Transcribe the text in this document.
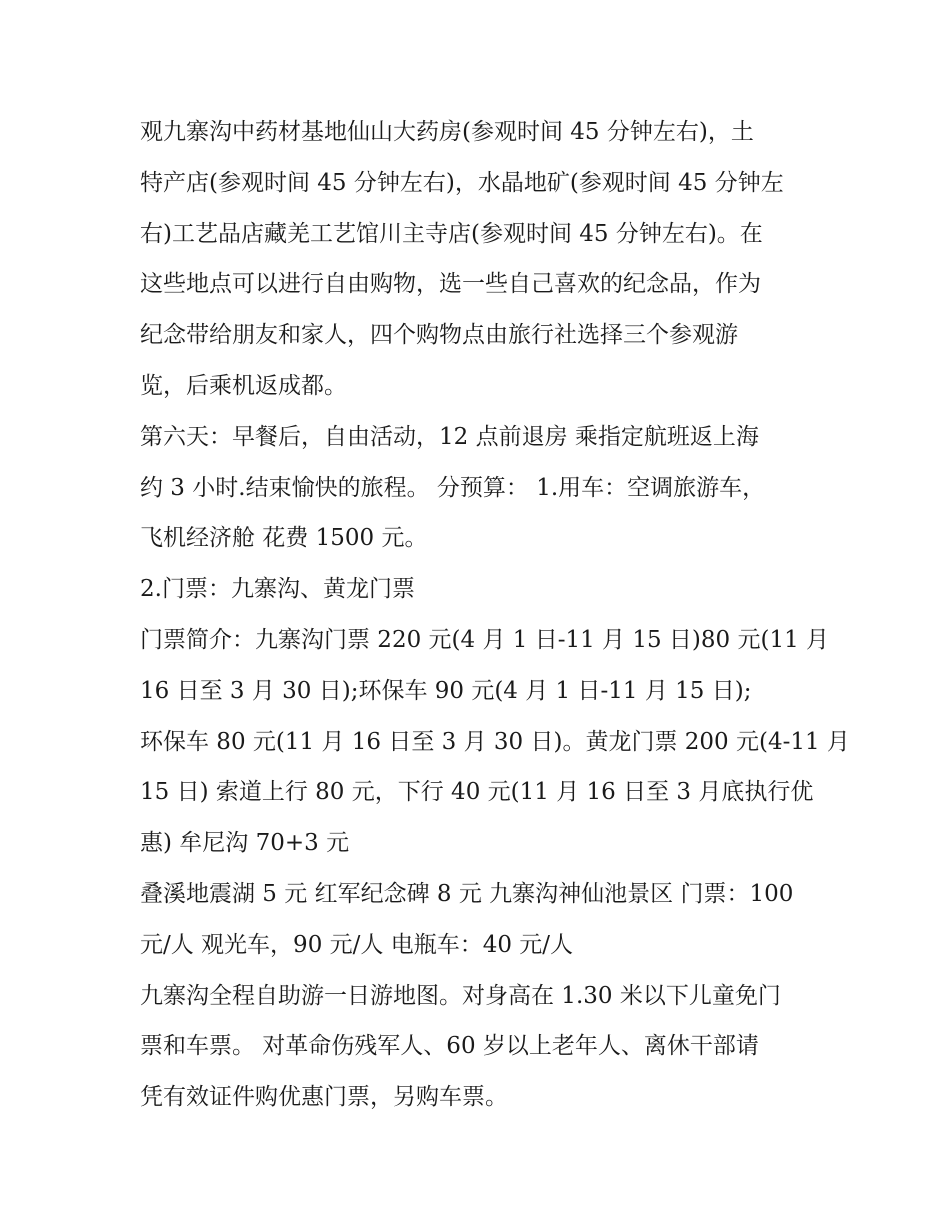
观九寨沟中药材基地仙山大药房(参观时间 45 分钟左右)，土
特产店(参观时间 45 分钟左右)，水晶地矿(参观时间 45 分钟左
右)工艺品店藏羌工艺馆川主寺店(参观时间 45 分钟左右)。在
这些地点可以进行自由购物，选一些自己喜欢的纪念品，作为
纪念带给朋友和家人，四个购物点由旅行社选择三个参观游
览，后乘机返成都。
第六天：早餐后，自由活动，12 点前退房 乘指定航班返上海
约 3 小时.结束愉快的旅程。 分预算： 1.用车：空调旅游车，
飞机经济舱 花费 1500 元。
2.门票：九寨沟、黄龙门票
门票简介：九寨沟门票 220 元(4 月 1 日-11 月 15 日)80 元(11 月
16 日至 3 月 30 日);环保车 90 元(4 月 1 日-11 月 15 日);
环保车 80 元(11 月 16 日至 3 月 30 日)。黄龙门票 200 元(4-11 月
15 日) 索道上行 80 元，下行 40 元(11 月 16 日至 3 月底执行优
惠) 牟尼沟 70+3 元
叠溪地震湖 5 元 红军纪念碑 8 元 九寨沟神仙池景区 门票：100
元/人 观光车，90 元/人 电瓶车：40 元/人
九寨沟全程自助游一日游地图。对身高在 1.30 米以下儿童免门
票和车票。 对革命伤残军人、60 岁以上老年人、离休干部请
凭有效证件购优惠门票，另购车票。
